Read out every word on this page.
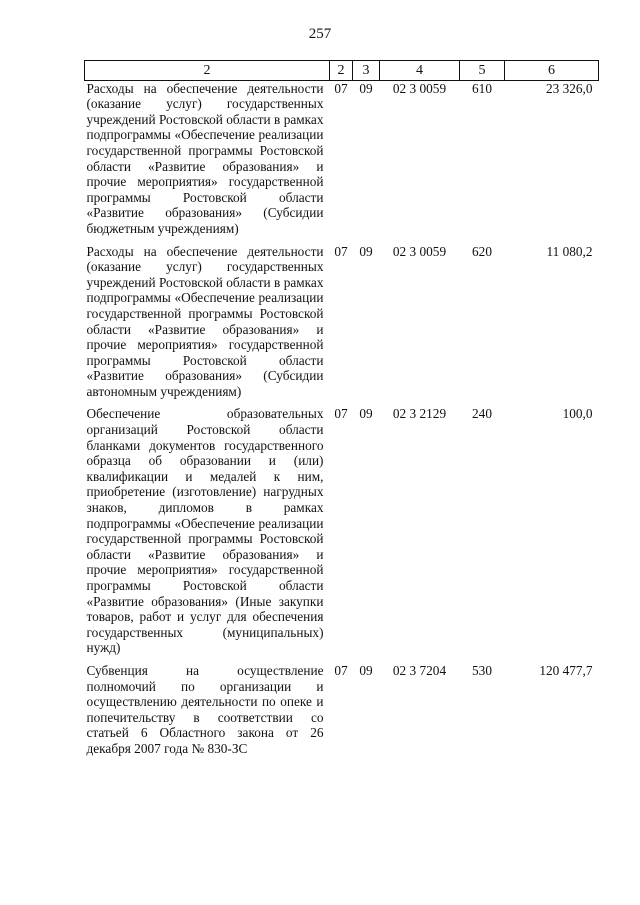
257
2	2	3	4	5	6
Расходы на обеспечение деятельности (оказание услуг) государственных учреждений Ростовской области в рамках подпрограммы «Обеспечение реализации государственной программы Ростовской области «Развитие образования» и прочие мероприятия» государственной программы Ростовской области «Развитие образования» (Субсидии бюджетным учреждениям)	07	09	02 3 0059	610	23 326,0
Расходы на обеспечение деятельности (оказание услуг) государственных учреждений Ростовской области в рамках подпрограммы «Обеспечение реализации государственной программы Ростовской области «Развитие образования» и прочие мероприятия» государственной программы Ростовской области «Развитие образования» (Субсидии автономным учреждениям)	07	09	02 3 0059	620	11 080,2
Обеспечение образовательных организаций Ростовской области бланками документов государственного образца об образовании и (или) квалификации и медалей к ним, приобретение (изготовление) нагрудных знаков, дипломов в рамках подпрограммы «Обеспечение реализации государственной программы Ростовской области «Развитие образования» и прочие мероприятия» государственной программы Ростовской области «Развитие образования» (Иные закупки товаров, работ и услуг для обеспечения государственных (муниципальных) нужд)	07	09	02 3 2129	240	100,0
Субвенция на осуществление полномочий по организации и осуществлению деятельности по опеке и попечительству в соответствии со статьей 6 Областного закона от 26 декабря 2007 года № 830-ЗС	07	09	02 3 7204	530	120 477,7
